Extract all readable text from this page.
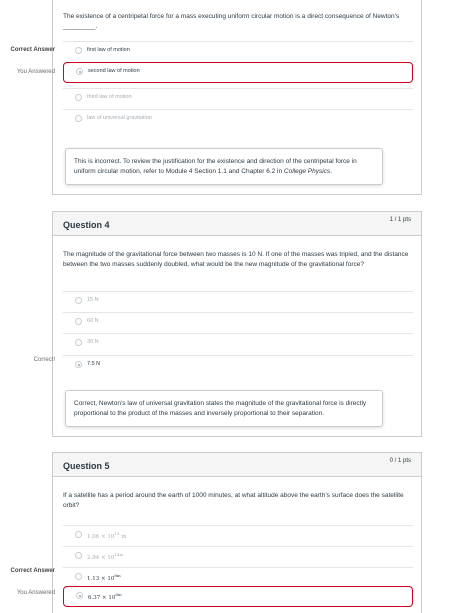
The existence of a centripetal force for a mass executing uniform circular motion is a direct consequence of Newton’s _________.
first law of motion
second law of motion
third law of motion
law of universal gravitation
This is incorrect. To review the justification for the existence and direction of the centripetal force in uniform circular motion, refer to Module 4 Section 1.1 and Chapter 6.2 in College Physics.
Correct Answer
You Answered
Question 4	1 / 1 pts
The magnitude of the gravitational force between two masses is 10 N. If one of the masses was tripled, and the distance between the two masses suddenly doubled, what would be the new magnitude of the gravitational force?
15 N
60 N
30 N
7.5 N
Correct, Newton’s law of universal gravitation states the magnitude of the gravitational force is directly proportional to the product of the masses and inversely proportional to their separation.
Correct!
Question 5	0 / 1 pts
If a satellite has a period around the earth of 1000 minutes, at what altitude above the earth’s surface does the satellite orbit?
$1.06 \times 10^{10}$ m
$2.94 \times 10^{14m}$
$1.13 \times 10^{8m}$
$6.37 \times 10^{6m}$
Correct Answer
You Answered
